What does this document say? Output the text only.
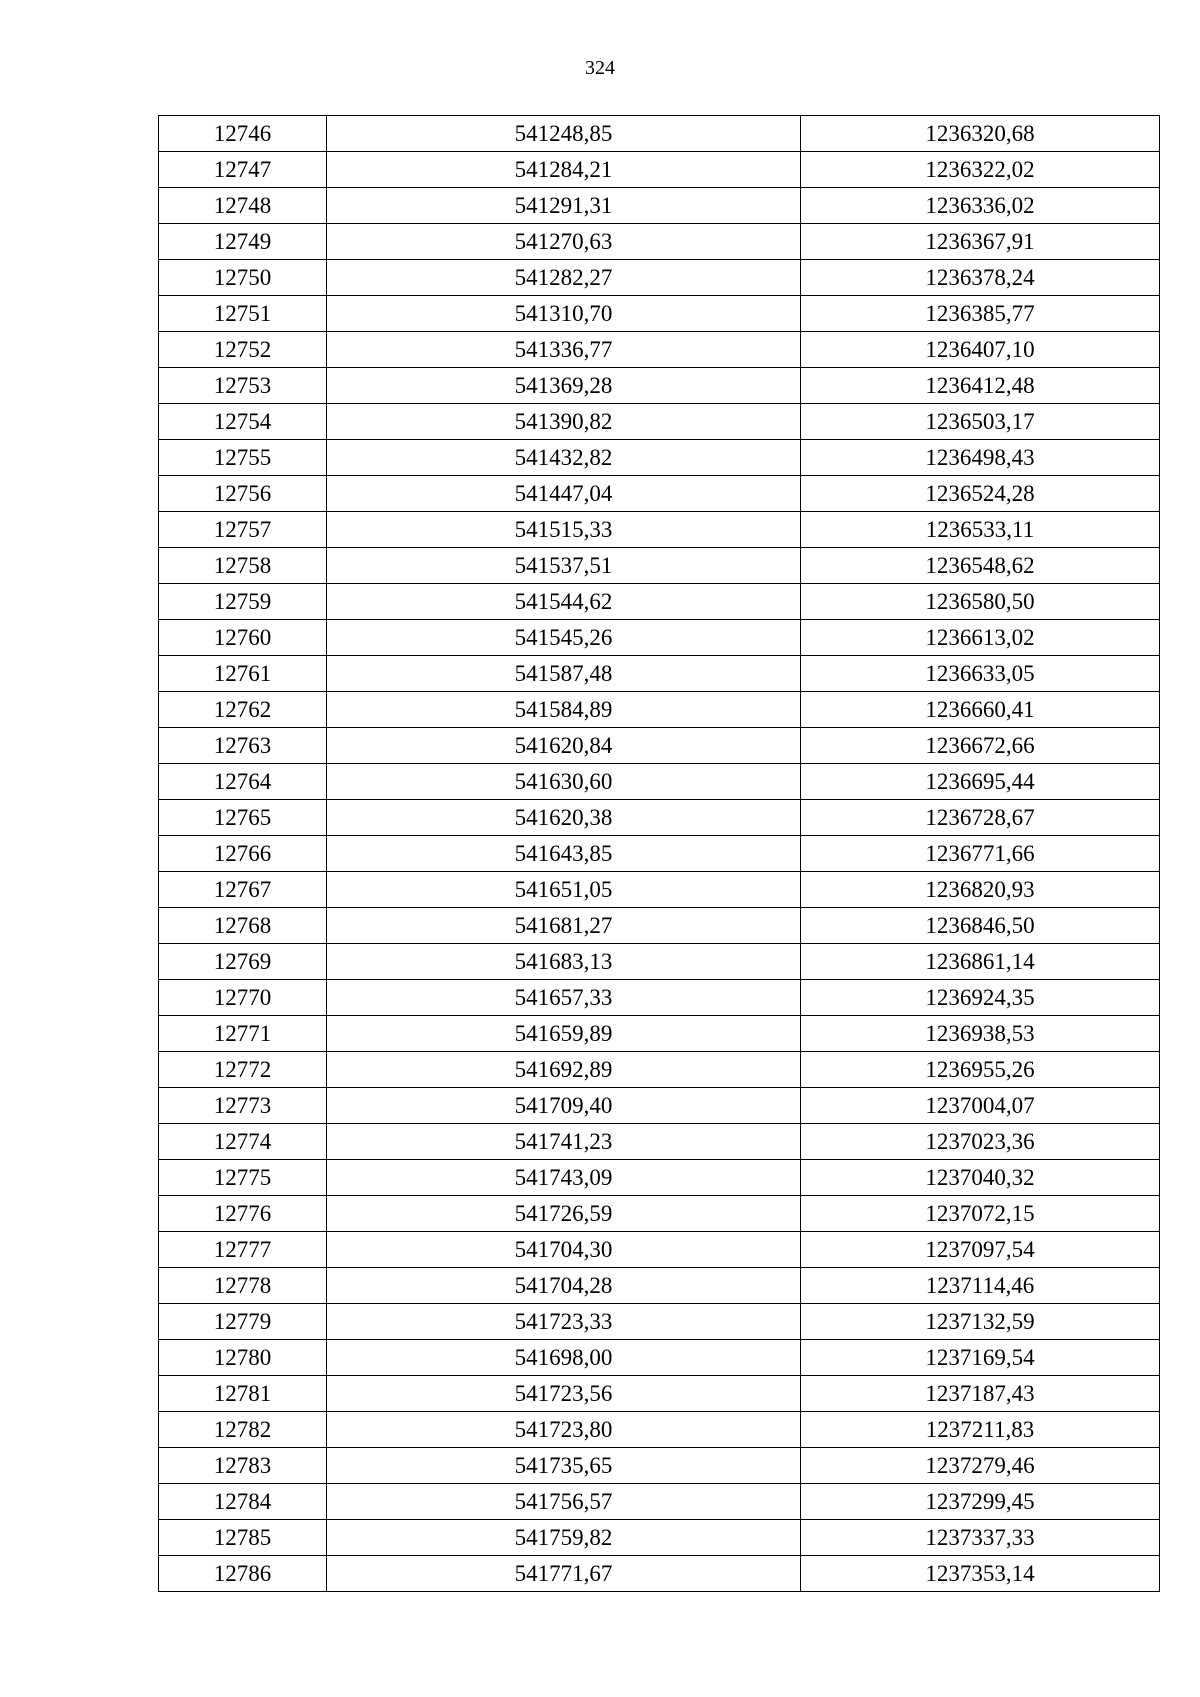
324
12746	541248,85	1236320,68
12747	541284,21	1236322,02
12748	541291,31	1236336,02
12749	541270,63	1236367,91
12750	541282,27	1236378,24
12751	541310,70	1236385,77
12752	541336,77	1236407,10
12753	541369,28	1236412,48
12754	541390,82	1236503,17
12755	541432,82	1236498,43
12756	541447,04	1236524,28
12757	541515,33	1236533,11
12758	541537,51	1236548,62
12759	541544,62	1236580,50
12760	541545,26	1236613,02
12761	541587,48	1236633,05
12762	541584,89	1236660,41
12763	541620,84	1236672,66
12764	541630,60	1236695,44
12765	541620,38	1236728,67
12766	541643,85	1236771,66
12767	541651,05	1236820,93
12768	541681,27	1236846,50
12769	541683,13	1236861,14
12770	541657,33	1236924,35
12771	541659,89	1236938,53
12772	541692,89	1236955,26
12773	541709,40	1237004,07
12774	541741,23	1237023,36
12775	541743,09	1237040,32
12776	541726,59	1237072,15
12777	541704,30	1237097,54
12778	541704,28	1237114,46
12779	541723,33	1237132,59
12780	541698,00	1237169,54
12781	541723,56	1237187,43
12782	541723,80	1237211,83
12783	541735,65	1237279,46
12784	541756,57	1237299,45
12785	541759,82	1237337,33
12786	541771,67	1237353,14
